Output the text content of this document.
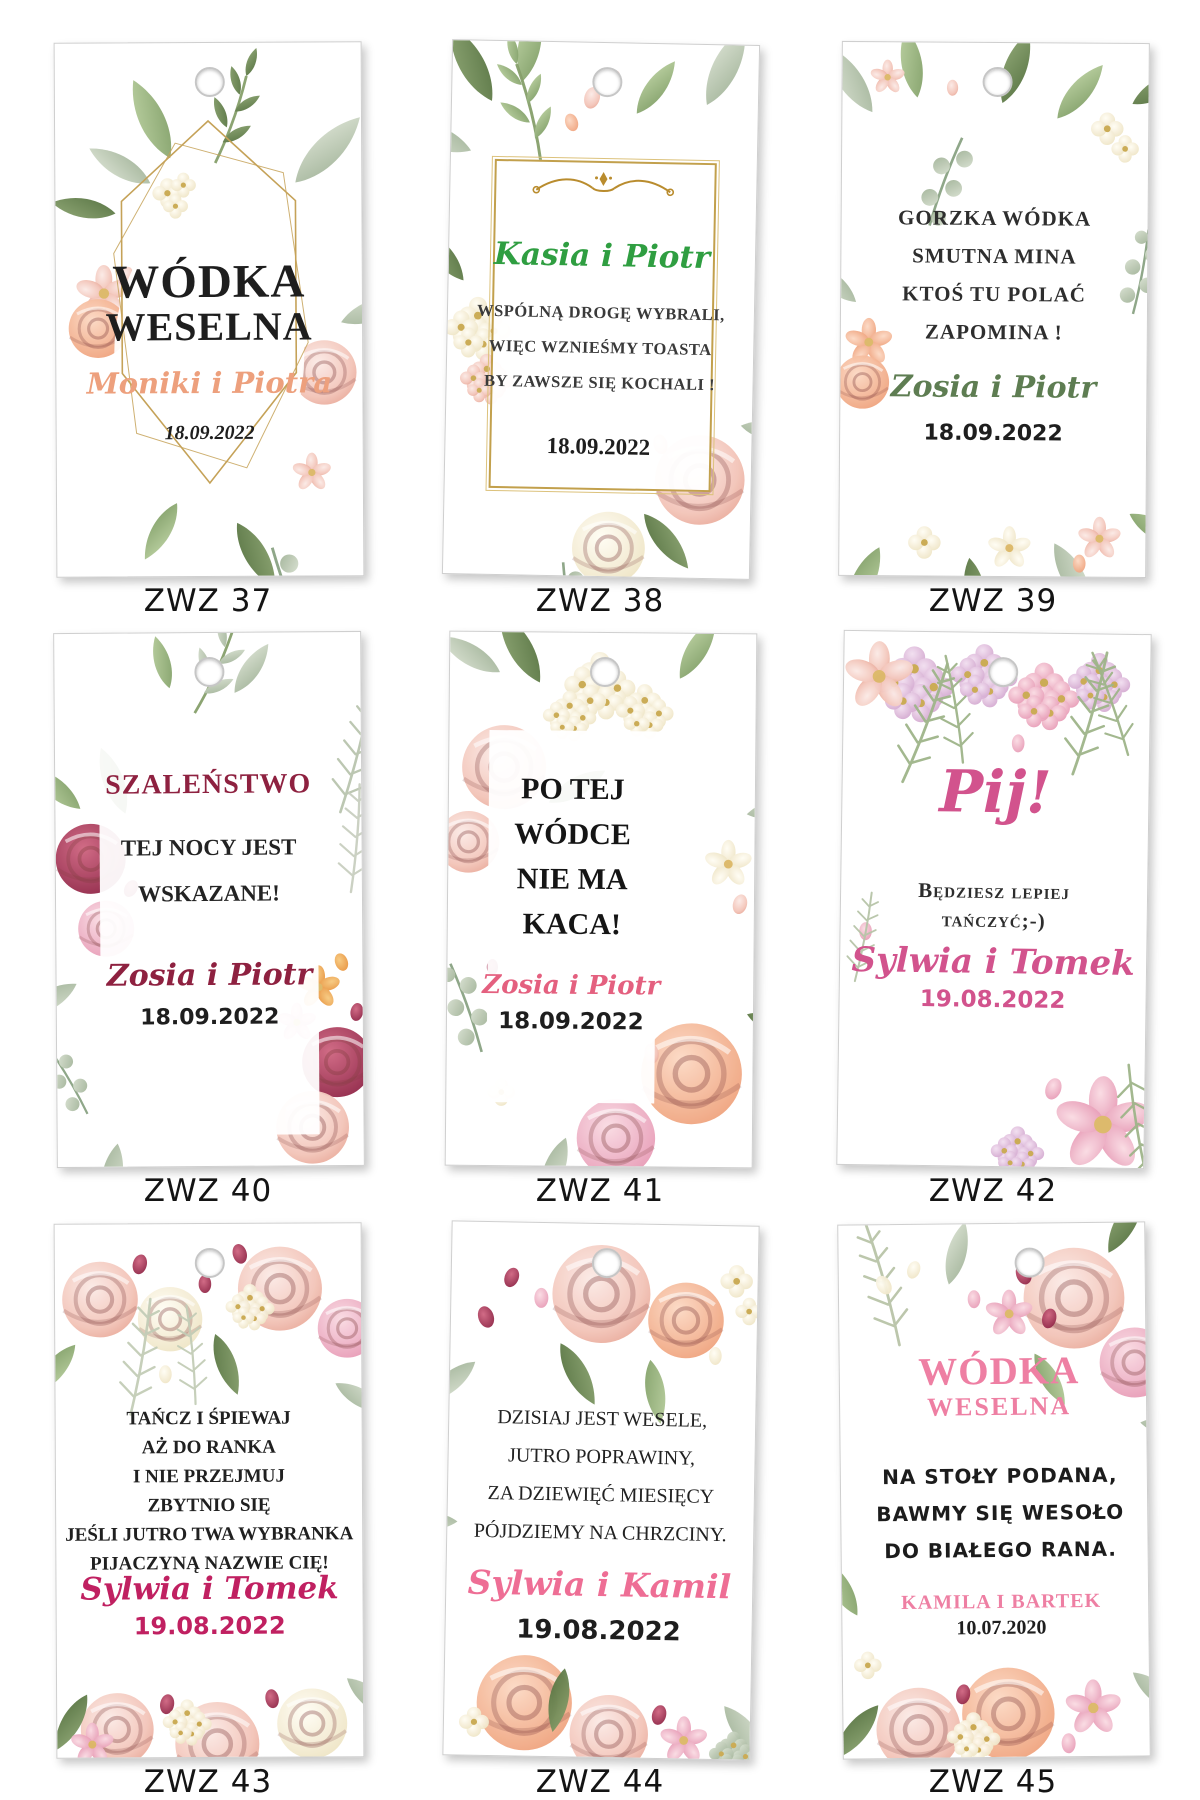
WÓDKA
WESELNA
Moniki i Piotra
18.09.2022
ZWZ 37
Kasia i Piotr
WSPÓLNĄ DROGĘ WYBRALI,
WIĘC WZNIEŚMY TOASTA
BY ZAWSZE SIĘ KOCHALI !
18.09.2022
ZWZ 38
GORZKA WÓDKA
SMUTNA MINA
KTOŚ TU POLAĆ
ZAPOMINA !
Zosia i Piotr
18.09.2022
ZWZ 39
SZALEŃSTWO
TEJ NOCY JEST
WSKAZANE!
Zosia i Piotr
18.09.2022
ZWZ 40
PO TEJ
WÓDCE
NIE MA
KACA!
Zosia i Piotr
18.09.2022
ZWZ 41
Pij!
Będziesz lepiej
tańczyć;-)
Sylwia i Tomek
19.08.2022
ZWZ 42
TAŃCZ I ŚPIEWAJ
AŻ DO RANKA
I NIE PRZEJMUJ
ZBYTNIO SIĘ
JEŚLI JUTRO TWA WYBRANKA
PIJACZYNĄ NAZWIE CIĘ!
Sylwia i Tomek
19.08.2022
ZWZ 43
DZISIAJ JEST WESELE,
JUTRO POPRAWINY,
ZA DZIEWIĘĆ MIESIĘCY
PÓJDZIEMY NA CHRZCINY.
Sylwia i Kamil
19.08.2022
ZWZ 44
WÓDKA
WESELNA
NA STOŁY PODANA,
BAWMY SIĘ WESOŁO
DO BIAŁEGO RANA.
KAMILA I BARTEK
10.07.2020
ZWZ 45
